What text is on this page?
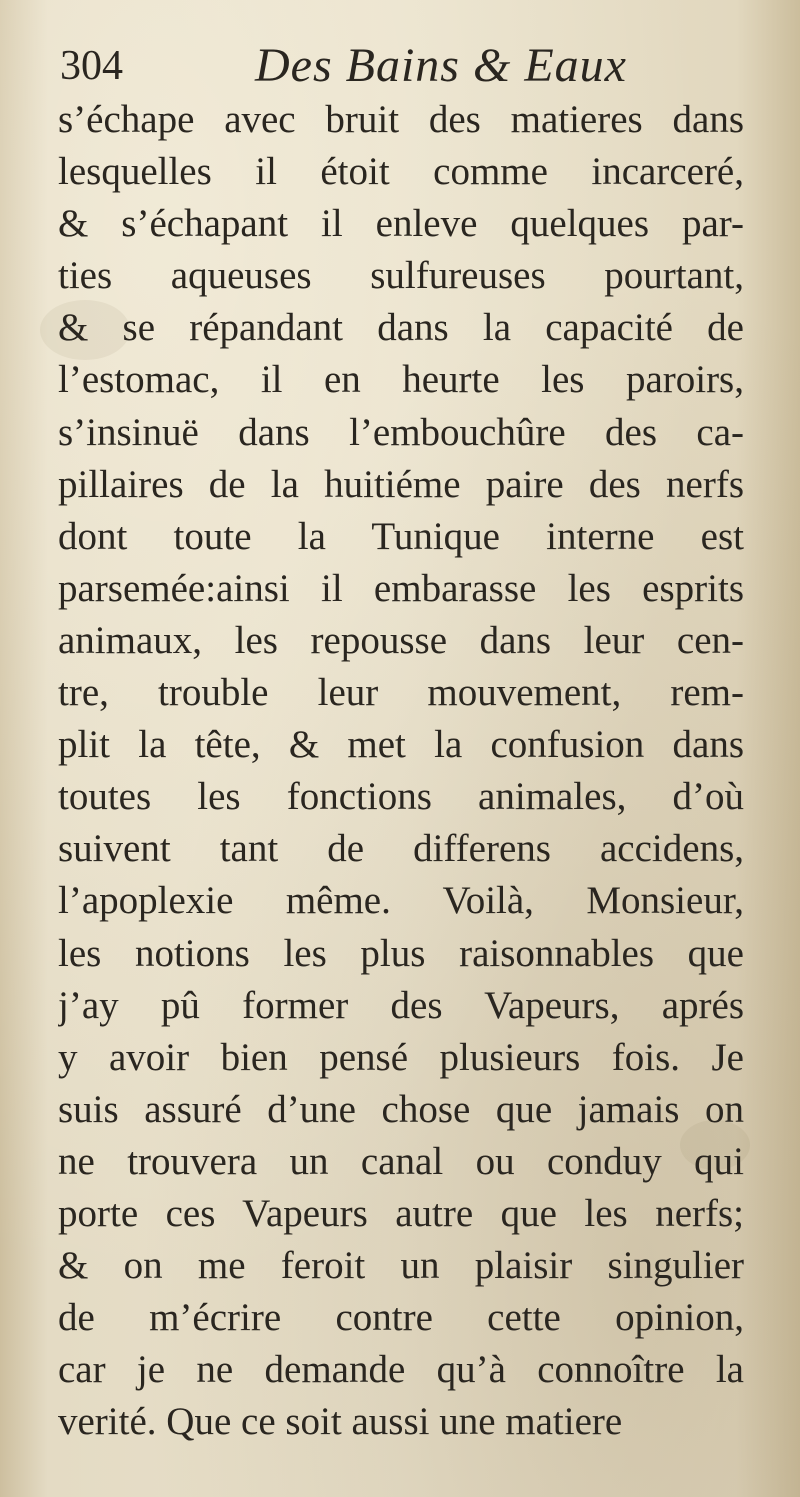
304	Des Bains & Eaux
s’échape avec bruit des matieres dans
lesquelles il étoit comme incarceré,
& s’échapant il enleve quelques par-
ties aqueuses sulfureuses pourtant,
& se répandant dans la capacité de
l’estomac, il en heurte les paroirs,
s’insinuë dans l’embouchûre des ca-
pillaires de la huitiéme paire des nerfs
dont toute la Tunique interne est
parsemée:ainsi il embarasse les esprits
animaux, les repousse dans leur cen-
tre, trouble leur mouvement, rem-
plit la tête, & met la confusion dans
toutes les fonctions animales, d’où
suivent tant de differens accidens,
l’apoplexie même. Voilà, Monsieur,
les notions les plus raisonnables que
j’ay pû former des Vapeurs, aprés
y avoir bien pensé plusieurs fois. Je
suis assuré d’une chose que jamais on
ne trouvera un canal ou conduy qui
porte ces Vapeurs autre que les nerfs;
& on me feroit un plaisir singulier
de m’écrire contre cette opinion,
car je ne demande qu’à connoître la
verité. Que ce soit aussi une matiere
